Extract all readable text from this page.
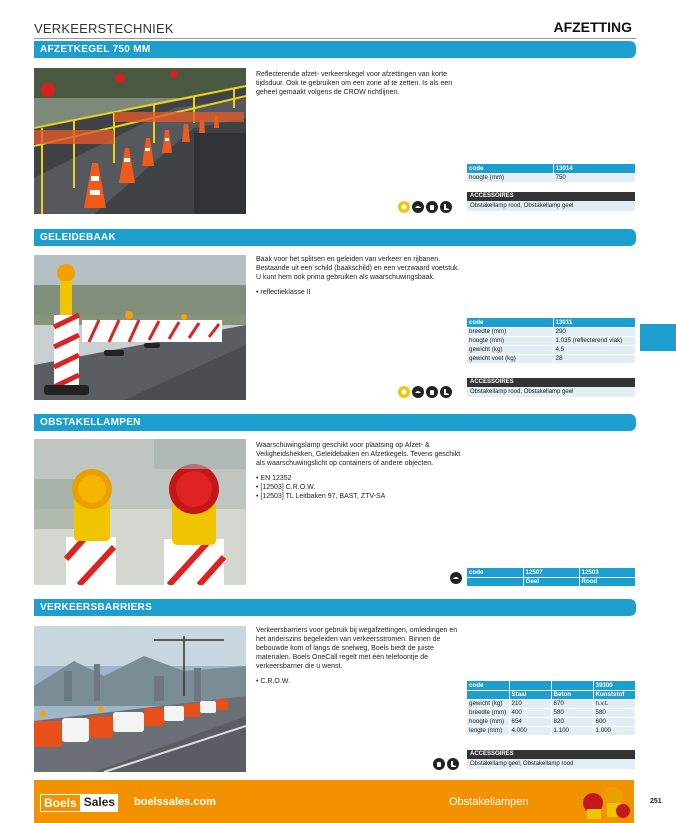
VERKEERSTECHNIEK	AFZETTING
AFZETKEGEL 750 MM

Reflecterende afzet- verkeerskegel voor afzettingen van korte tijdsduur. Ook te gebruiken om een zone af te zetten. Is als een geheel gemaakt volgens de CROW richtlijnen.

code	13014
hoogte (mm)	750
ACCESSOIRES
Obstakellamp rood, Obstakellamp geel
GELEIDEBAAK

Baak voor het splitsen en geleiden van verkeer en rijbanen. Bestaande uit een schild (baakschild) en een verzwaard voetstuk. U kunt hem ook prima gebruiken als waarschuwingsbaak.

• reflectieklasse II
code	13011
breedte (mm)	290
hoogte (mm)	1.035 (reflecterend vlak)
gewicht (kg)	4,5
gewicht voet (kg)	28
ACCESSOIRES
Obstakellamp rood, Obstakellamp geel
OBSTAKELLAMPEN

Waarschuwingslamp geschikt voor plaatsing op Afzet- & Veiligheidshekken, Geleidebaken en Afzetkegels. Tevens geschikt als waarschuwingslicht op containers of andere objecten.

• EN 12352
• [12503] C.R.O.W.
• [12503] TL Leitbaken 97, BAST, ZTV-SA
code	12507	12503
	Geel	Rood
VERKEERSBARRIERS

Verkeersbarriers voor gebruik bij wegafzettingen, omleidingen en het anderszins begeleiden van verkeersstromen. Binnen de bebouwde kom of langs de snelweg, Boels biedt de juiste materialen. Boels OneCall regelt met één telefoontje de verkeersbarrier die u wenst.

• C.R.O.W.
code			39300
	Staal	Beton	Kunststof
gewicht (kg)	210	670	n.v.t.
breedte (mm)	400	580	580
hoogte (mm)	654	820	600
lengte (mm)	4.000	1.100	1.000
ACCESSOIRES
Obstakellamp geel, Obstakellamp rood
Boels Sales boelssales.com	Obstakellampen	251
